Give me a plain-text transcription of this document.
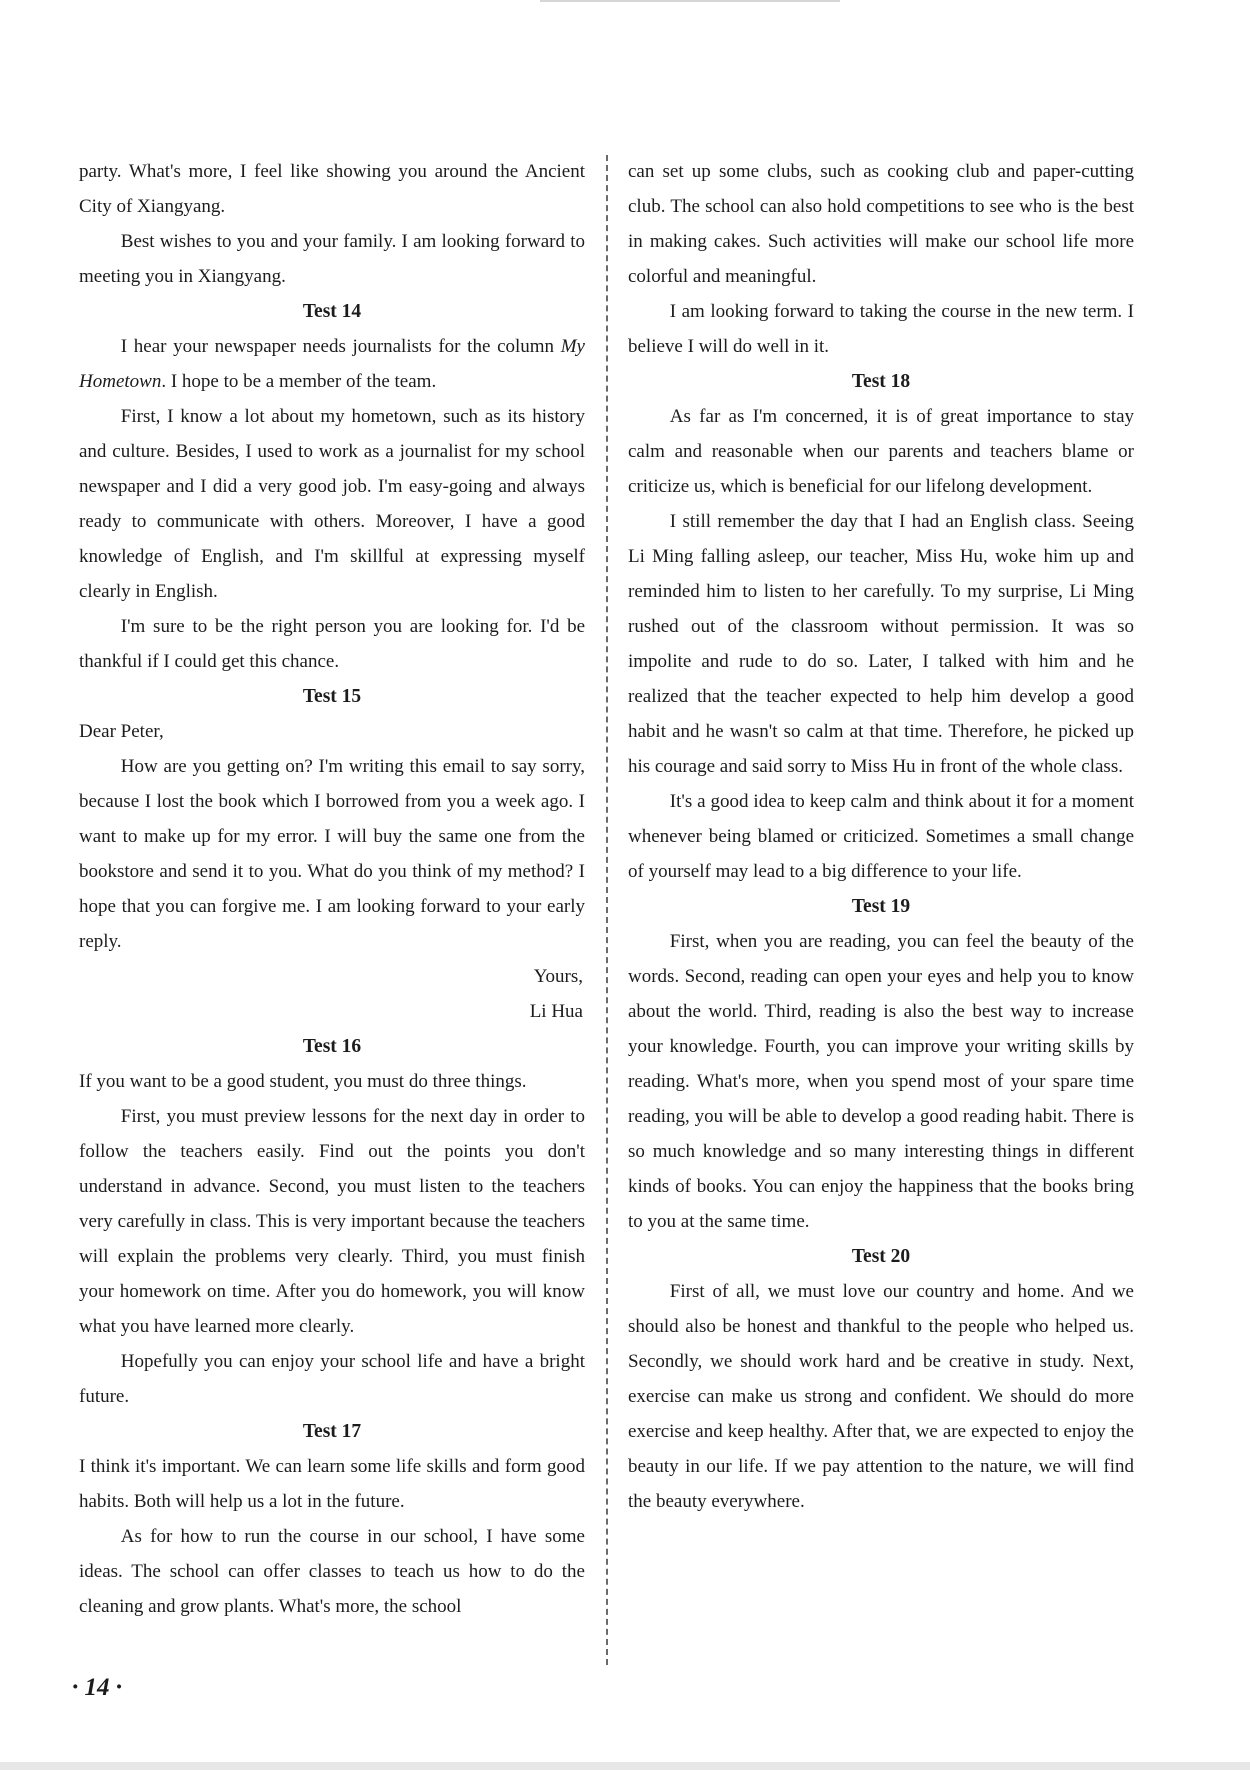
party. What's more, I feel like showing you around the Ancient City of Xiangyang.

Best wishes to you and your family. I am looking forward to meeting you in Xiangyang.

Test 14

I hear your newspaper needs journalists for the column My Hometown. I hope to be a member of the team.

First, I know a lot about my hometown, such as its history and culture. Besides, I used to work as a journalist for my school newspaper and I did a very good job. I'm easy-going and always ready to communicate with others. Moreover, I have a good knowledge of English, and I'm skillful at expressing myself clearly in English.

I'm sure to be the right person you are looking for. I'd be thankful if I could get this chance.

Test 15

Dear Peter,

How are you getting on? I'm writing this email to say sorry, because I lost the book which I borrowed from you a week ago. I want to make up for my error. I will buy the same one from the bookstore and send it to you. What do you think of my method? I hope that you can forgive me. I am looking forward to your early reply.

Yours,

Li Hua

Test 16

If you want to be a good student, you must do three things.

First, you must preview lessons for the next day in order to follow the teachers easily. Find out the points you don't understand in advance. Second, you must listen to the teachers very carefully in class. This is very important because the teachers will explain the problems very clearly. Third, you must finish your homework on time. After you do homework, you will know what you have learned more clearly.

Hopefully you can enjoy your school life and have a bright future.

Test 17

I think it's important. We can learn some life skills and form good habits. Both will help us a lot in the future.

As for how to run the course in our school, I have some ideas. The school can offer classes to teach us how to do the cleaning and grow plants. What's more, the school

can set up some clubs, such as cooking club and paper-cutting club. The school can also hold competitions to see who is the best in making cakes. Such activities will make our school life more colorful and meaningful.

I am looking forward to taking the course in the new term. I believe I will do well in it.

Test 18

As far as I'm concerned, it is of great importance to stay calm and reasonable when our parents and teachers blame or criticize us, which is beneficial for our lifelong development.

I still remember the day that I had an English class. Seeing Li Ming falling asleep, our teacher, Miss Hu, woke him up and reminded him to listen to her carefully. To my surprise, Li Ming rushed out of the classroom without permission. It was so impolite and rude to do so. Later, I talked with him and he realized that the teacher expected to help him develop a good habit and he wasn't so calm at that time. Therefore, he picked up his courage and said sorry to Miss Hu in front of the whole class.

It's a good idea to keep calm and think about it for a moment whenever being blamed or criticized. Sometimes a small change of yourself may lead to a big difference to your life.

Test 19

First, when you are reading, you can feel the beauty of the words. Second, reading can open your eyes and help you to know about the world. Third, reading is also the best way to increase your knowledge. Fourth, you can improve your writing skills by reading. What's more, when you spend most of your spare time reading, you will be able to develop a good reading habit. There is so much knowledge and so many interesting things in different kinds of books. You can enjoy the happiness that the books bring to you at the same time.

Test 20

First of all, we must love our country and home. And we should also be honest and thankful to the people who helped us. Secondly, we should work hard and be creative in study. Next, exercise can make us strong and confident. We should do more exercise and keep healthy. After that, we are expected to enjoy the beauty in our life. If we pay attention to the nature, we will find the beauty everywhere.

· 14 ·
